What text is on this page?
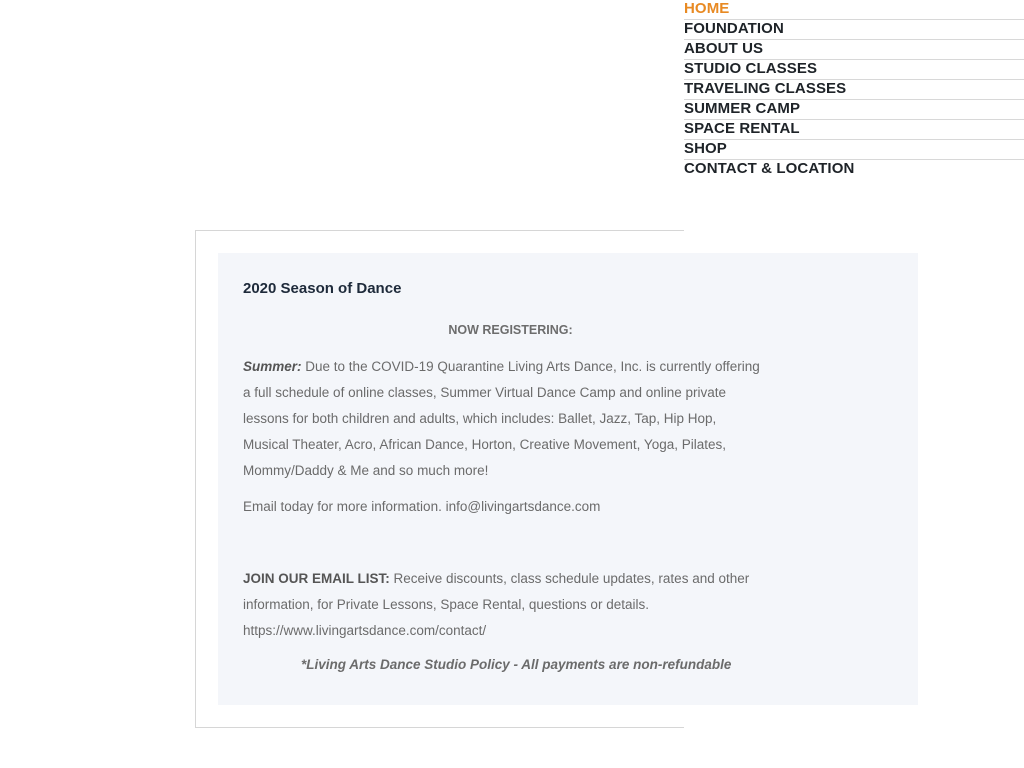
HOME
FOUNDATION
ABOUT US
STUDIO CLASSES
TRAVELING CLASSES
SUMMER CAMP
SPACE RENTAL
SHOP
CONTACT & LOCATION
2020 Season of Dance
NOW REGISTERING:
Summer: Due to the COVID-19 Quarantine Living Arts Dance, Inc. is currently offering
a full schedule of online classes, Summer Virtual Dance Camp and online private
lessons for both children and adults, which includes: Ballet, Jazz, Tap, Hip Hop,
Musical Theater, Acro, African Dance, Horton, Creative Movement, Yoga, Pilates,
Mommy/Daddy & Me and so much more!
Email today for more information. info@livingartsdance.com
JOIN OUR EMAIL LIST: Receive discounts, class schedule updates, rates and other
information, for Private Lessons, Space Rental, questions or details.
https://www.livingartsdance.com/contact/
*Living Arts Dance Studio Policy - All payments are non-refundable
